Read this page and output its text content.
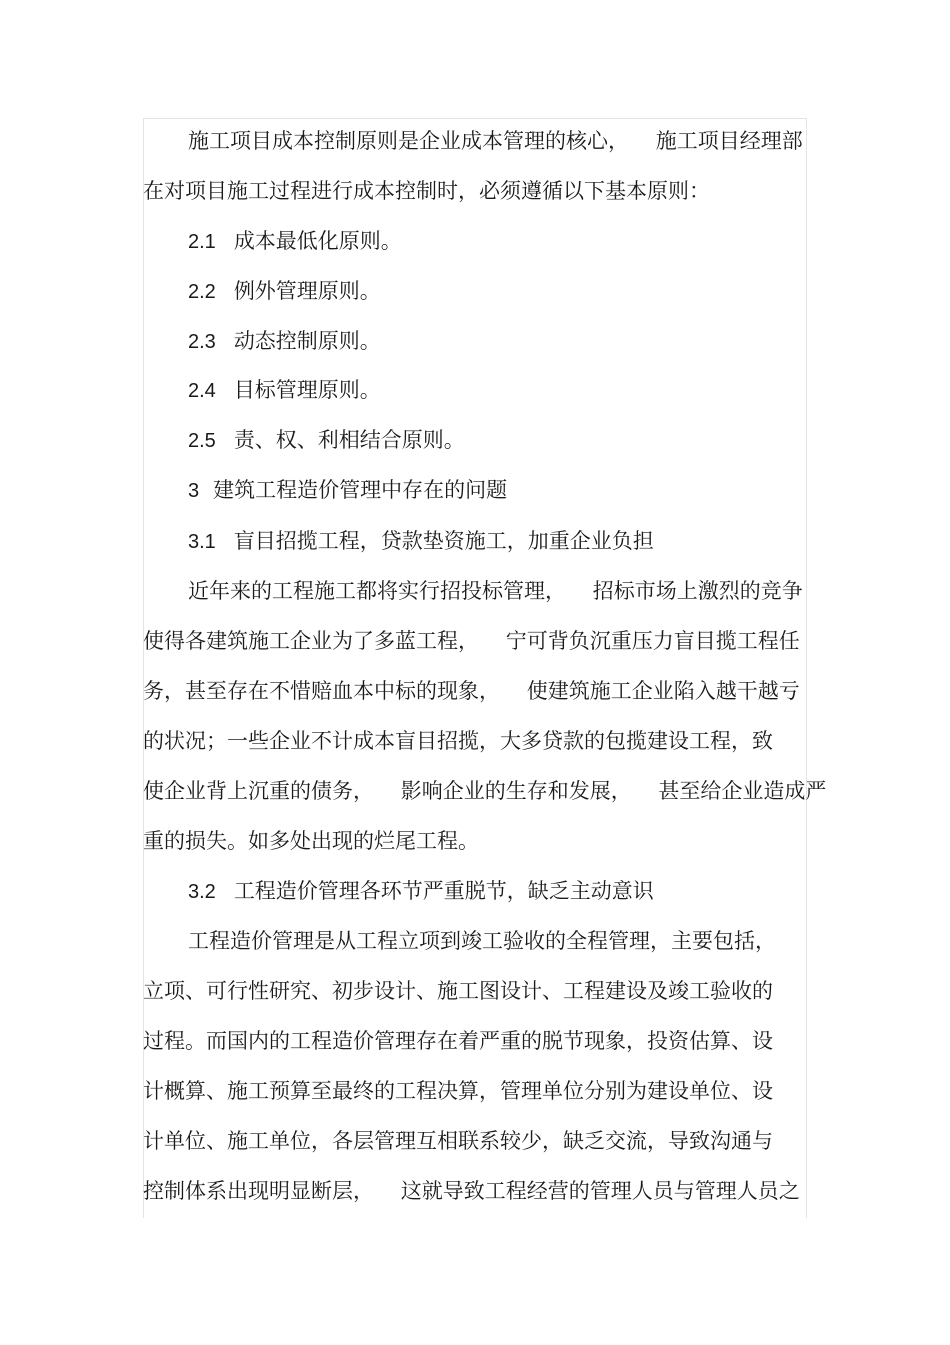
施工项目成本控制原则是企业成本管理的核心，    施工项目经理部
在对项目施工过程进行成本控制时，必须遵循以下基本原则：
2.1 成本最低化原则。
2.2 例外管理原则。
2.3 动态控制原则。
2.4 目标管理原则。
2.5 责、权、利相结合原则。
3 建筑工程造价管理中存在的问题
3.1 盲目招揽工程，贷款垫资施工，加重企业负担
近年来的工程施工都将实行招投标管理，    招标市场上激烈的竞争
使得各建筑施工企业为了多蓝工程，    宁可背负沉重压力盲目揽工程任
务，甚至存在不惜赔血本中标的现象，    使建筑施工企业陷入越干越亏
的状况；一些企业不计成本盲目招揽，大多贷款的包揽建设工程，致
使企业背上沉重的债务，    影响企业的生存和发展，    甚至给企业造成严
重的损失。如多处出现的烂尾工程。
3.2 工程造价管理各环节严重脱节，缺乏主动意识
工程造价管理是从工程立项到竣工验收的全程管理，主要包括，
立项、可行性研究、初步设计、施工图设计、工程建设及竣工验收的
过程。而国内的工程造价管理存在着严重的脱节现象，投资估算、设
计概算、施工预算至最终的工程决算，管理单位分别为建设单位、设
计单位、施工单位，各层管理互相联系较少，缺乏交流，导致沟通与
控制体系出现明显断层，    这就导致工程经营的管理人员与管理人员之
